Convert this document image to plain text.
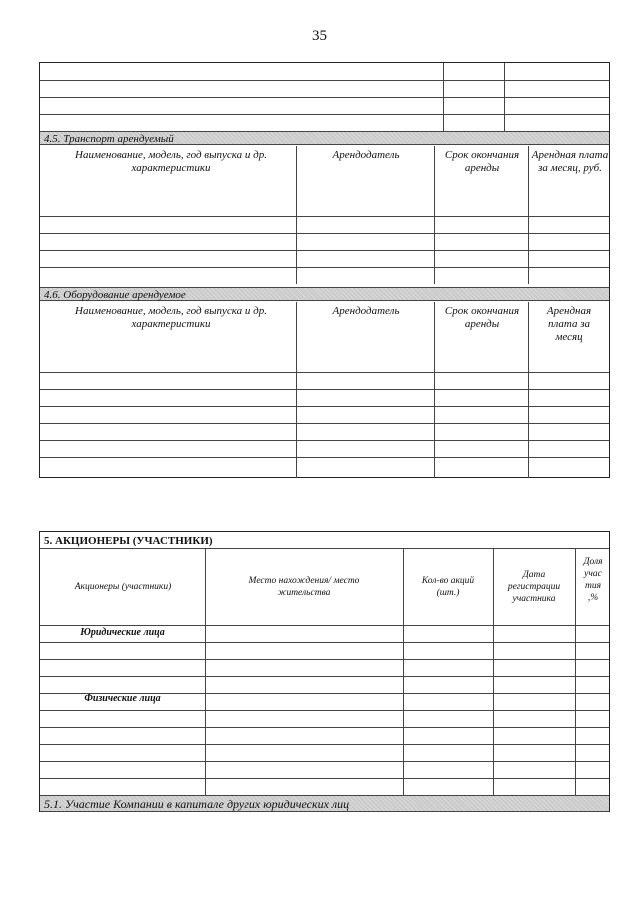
35
4.5. Транспорт арендуемый
Наименование, модель, год выпуска и др. характеристики
Арендодатель	Срок окончания аренды
Арендная плата за месяц, руб.
4.6. Оборудование арендуемое
Наименование, модель, год выпуска и др. характеристики
Арендодатель	Срок окончания аренды
Арендная плата за месяц
5. АКЦИОНЕРЫ (УЧАСТНИКИ)
Акционеры (участники)
Место нахождения/ место жительства
Кол-во акций (шт.)
Дата регистрации участника
Доля участия ,%
Юридические лица
Физические лица
5.1. Участие Компании в капитале других юридических лиц
